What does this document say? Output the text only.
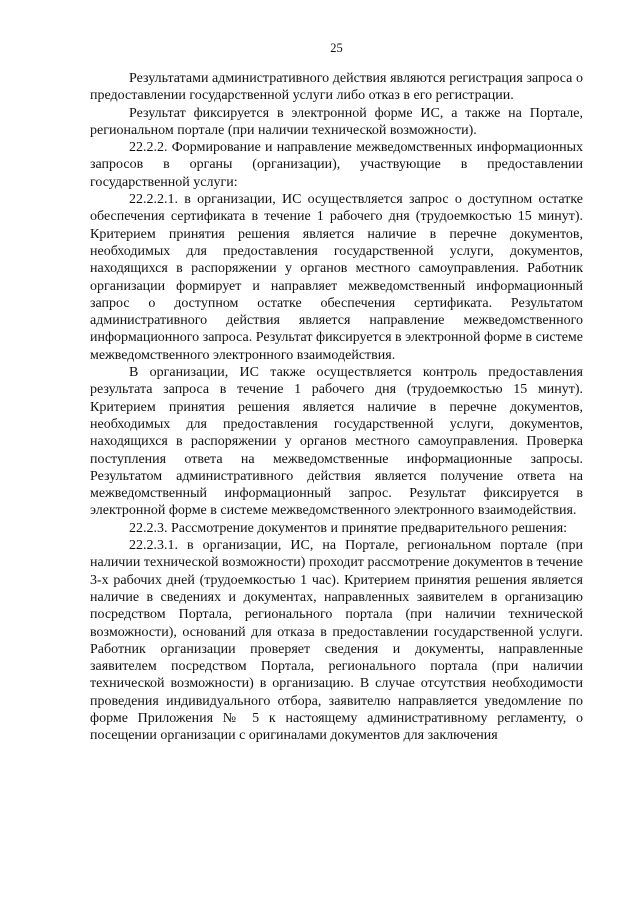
25

Результатами административного действия являются регистрация запроса о предоставлении государственной услуги либо отказ в его регистрации.

Результат фиксируется в электронной форме ИС, а также на Портале, региональном портале (при наличии технической возможности).

22.2.2. Формирование и направление межведомственных информационных запросов в органы (организации), участвующие в предоставлении государственной услуги:

22.2.2.1. в организации, ИС осуществляется запрос о доступном остатке обеспечения сертификата в течение 1 рабочего дня (трудоемкостью 15 минут). Критерием принятия решения является наличие в перечне документов, необходимых для предоставления государственной услуги, документов, находящихся в распоряжении у органов местного самоуправления. Работник организации формирует и направляет межведомственный информационный запрос о доступном остатке обеспечения сертификата. Результатом административного действия является направление межведомственного информационного запроса. Результат фиксируется в электронной форме в системе межведомственного электронного взаимодействия.

В организации, ИС также осуществляется контроль предоставления результата запроса в течение 1 рабочего дня (трудоемкостью 15 минут). Критерием принятия решения является наличие в перечне документов, необходимых для предоставления государственной услуги, документов, находящихся в распоряжении у органов местного самоуправления. Проверка поступления ответа на межведомственные информационные запросы. Результатом административного действия является получение ответа на межведомственный информационный запрос. Результат фиксируется в электронной форме в системе межведомственного электронного взаимодействия.

22.2.3. Рассмотрение документов и принятие предварительного решения:

22.2.3.1. в организации, ИС, на Портале, региональном портале (при наличии технической возможности) проходит рассмотрение документов в течение 3-х рабочих дней (трудоемкостью 1 час). Критерием принятия решения является наличие в сведениях и документах, направленных заявителем в организацию посредством Портала, регионального портала (при наличии технической возможности), оснований для отказа в предоставлении государственной услуги. Работник организации проверяет сведения и документы, направленные заявителем посредством Портала, регионального портала (при наличии технической возможности) в организацию. В случае отсутствия необходимости проведения индивидуального отбора, заявителю направляется уведомление по форме Приложения № 5 к настоящему административному регламенту, о посещении организации с оригиналами документов для заключения
